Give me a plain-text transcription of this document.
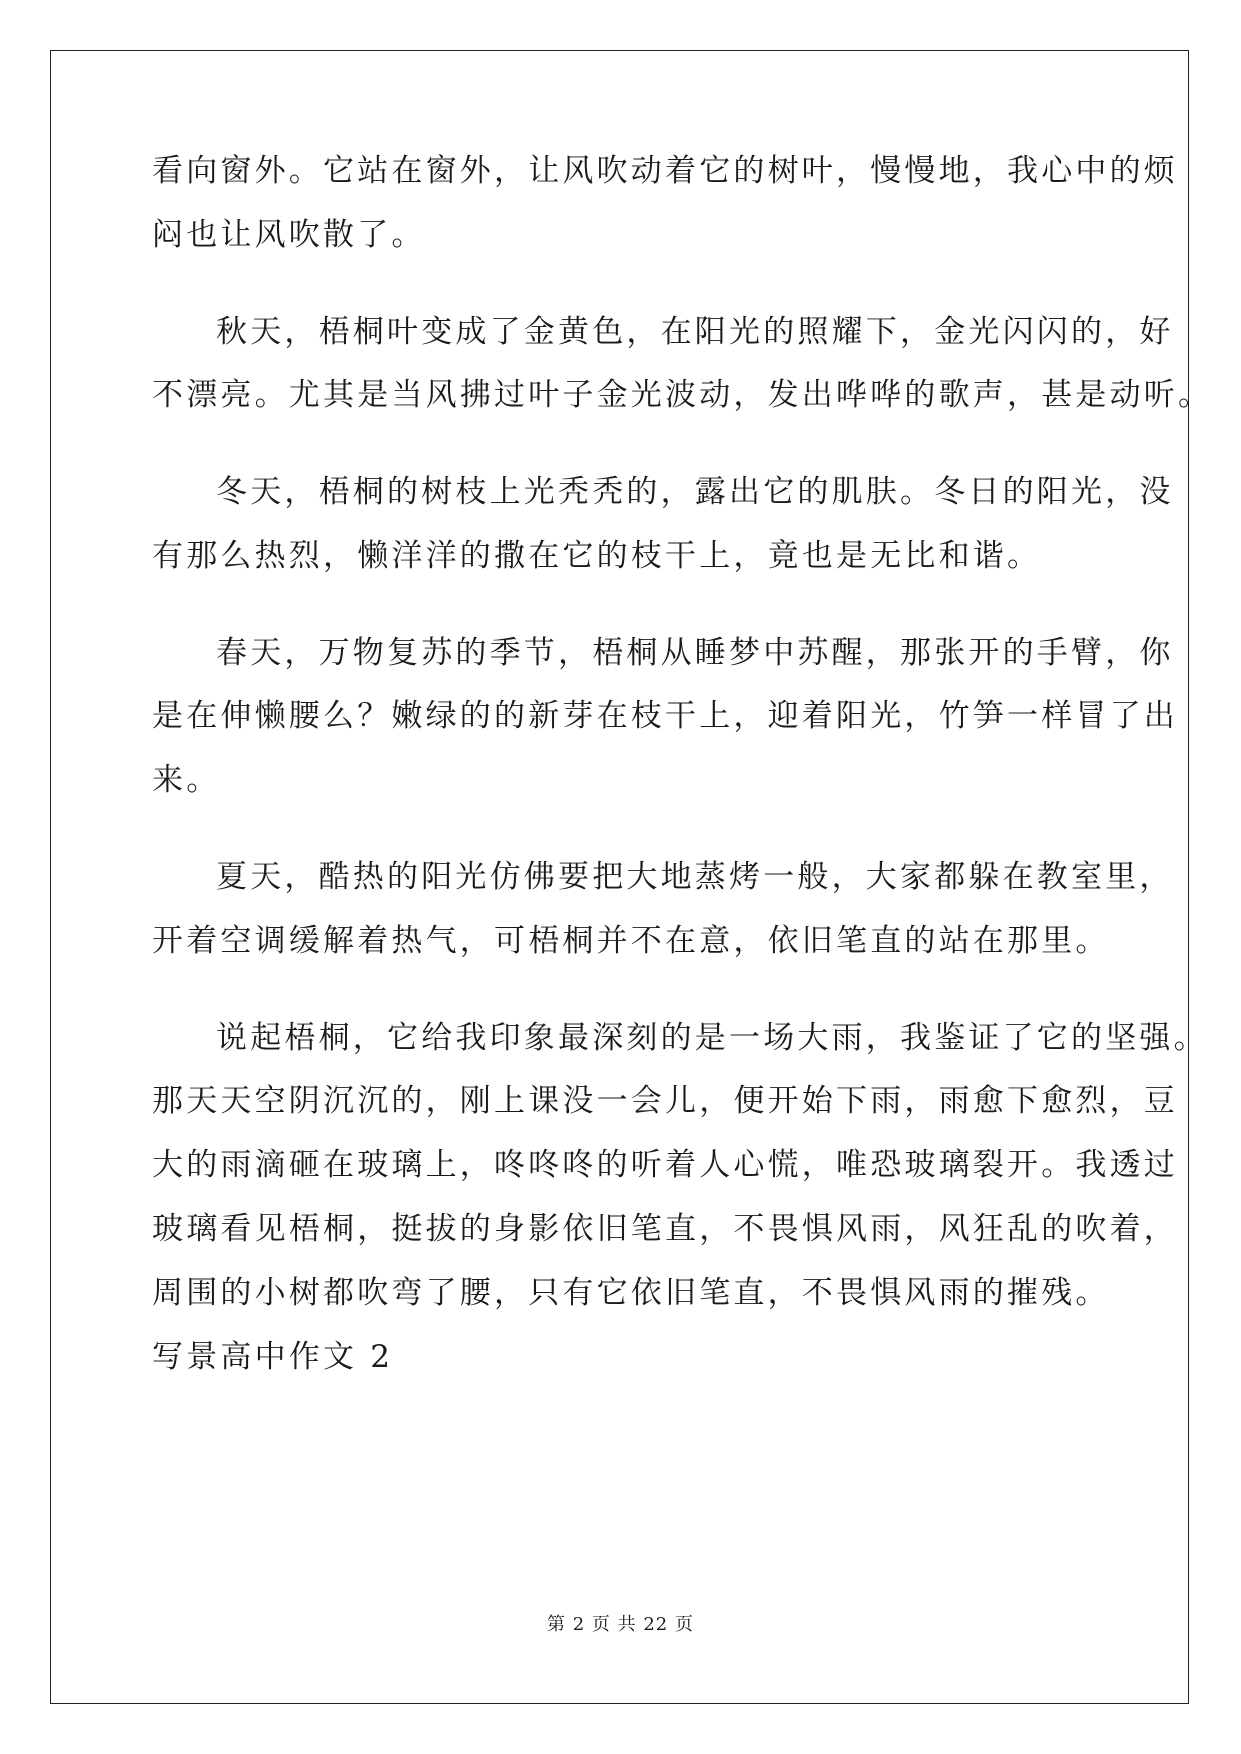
看向窗外。它站在窗外，让风吹动着它的树叶，慢慢地，我心中的烦
闷也让风吹散了。
秋天，梧桐叶变成了金黄色，在阳光的照耀下，金光闪闪的，好
不漂亮。尤其是当风拂过叶子金光波动，发出哗哗的歌声，甚是动听。
冬天，梧桐的树枝上光秃秃的，露出它的肌肤。冬日的阳光，没
有那么热烈，懒洋洋的撒在它的枝干上，竟也是无比和谐。
春天，万物复苏的季节，梧桐从睡梦中苏醒，那张开的手臂，你
是在伸懒腰么？嫩绿的的新芽在枝干上，迎着阳光，竹笋一样冒了出
来。
夏天，酷热的阳光仿佛要把大地蒸烤一般，大家都躲在教室里，
开着空调缓解着热气，可梧桐并不在意，依旧笔直的站在那里。
说起梧桐，它给我印象最深刻的是一场大雨，我鉴证了它的坚强。
那天天空阴沉沉的，刚上课没一会儿，便开始下雨，雨愈下愈烈，豆
大的雨滴砸在玻璃上，咚咚咚的听着人心慌，唯恐玻璃裂开。我透过
玻璃看见梧桐，挺拔的身影依旧笔直，不畏惧风雨，风狂乱的吹着，
周围的小树都吹弯了腰，只有它依旧笔直，不畏惧风雨的摧残。
写景高中作文 2
第 2 页 共 22 页
